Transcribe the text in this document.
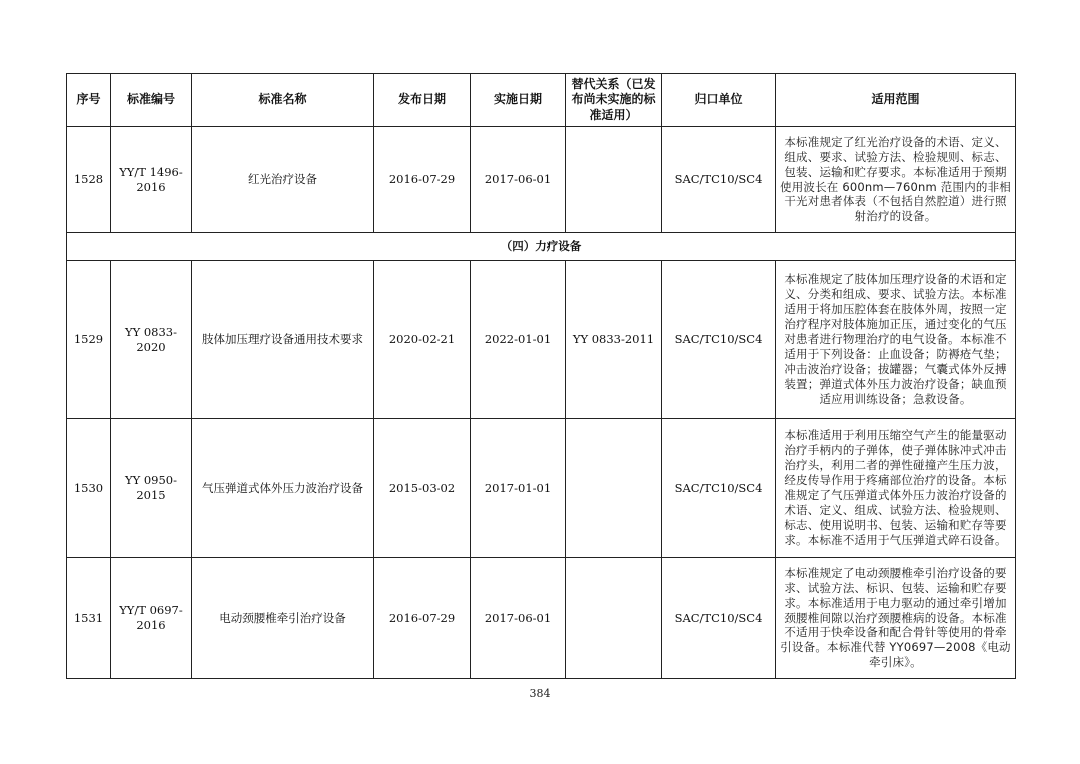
序号	标准编号	标准名称	发布日期	实施日期	替代关系（已发布尚未实施的标准适用）	归口单位	适用范围
1528	YY/T 1496-2016	红光治疗设备	2016-07-29	2017-06-01		SAC/TC10/SC4	本标准规定了红光治疗设备的术语、定义、组成、要求、试验方法、检验规则、标志、包装、运输和贮存要求。本标准适用于预期使用波长在 600nm—760nm 范围内的非相干光对患者体表（不包括自然腔道）进行照射治疗的设备。
（四）力疗设备							
1529	YY 0833-2020	肢体加压理疗设备通用技术要求	2020-02-21	2022-01-01	YY 0833-2011	SAC/TC10/SC4	本标准规定了肢体加压理疗设备的术语和定义、分类和组成、要求、试验方法。本标准适用于将加压腔体套在肢体外周，按照一定治疗程序对肢体施加正压，通过变化的气压对患者进行物理治疗的电气设备。本标准不适用于下列设备：止血设备；防褥疮气垫；冲击波治疗设备；拔罐器；气囊式体外反搏装置；弹道式体外压力波治疗设备；缺血预适应用训练设备；急救设备。
1530	YY 0950-2015	气压弹道式体外压力波治疗设备	2015-03-02	2017-01-01		SAC/TC10/SC4	本标准适用于利用压缩空气产生的能量驱动治疗手柄内的子弹体，使子弹体脉冲式冲击治疗头，利用二者的弹性碰撞产生压力波，经皮传导作用于疼痛部位治疗的设备。本标准规定了气压弹道式体外压力波治疗设备的术语、定义、组成、试验方法、检验规则、标志、使用说明书、包装、运输和贮存等要求。本标准不适用于气压弹道式碎石设备。
1531	YY/T 0697-2016	电动颈腰椎牵引治疗设备	2016-07-29	2017-06-01		SAC/TC10/SC4	本标准规定了电动颈腰椎牵引治疗设备的要求、试验方法、标识、包装、运输和贮存要求。本标准适用于电力驱动的通过牵引增加颈腰椎间隙以治疗颈腰椎病的设备。本标准不适用于快牵设备和配合骨针等使用的骨牵引设备。本标准代替 YY0697—2008《电动牵引床》。
384
